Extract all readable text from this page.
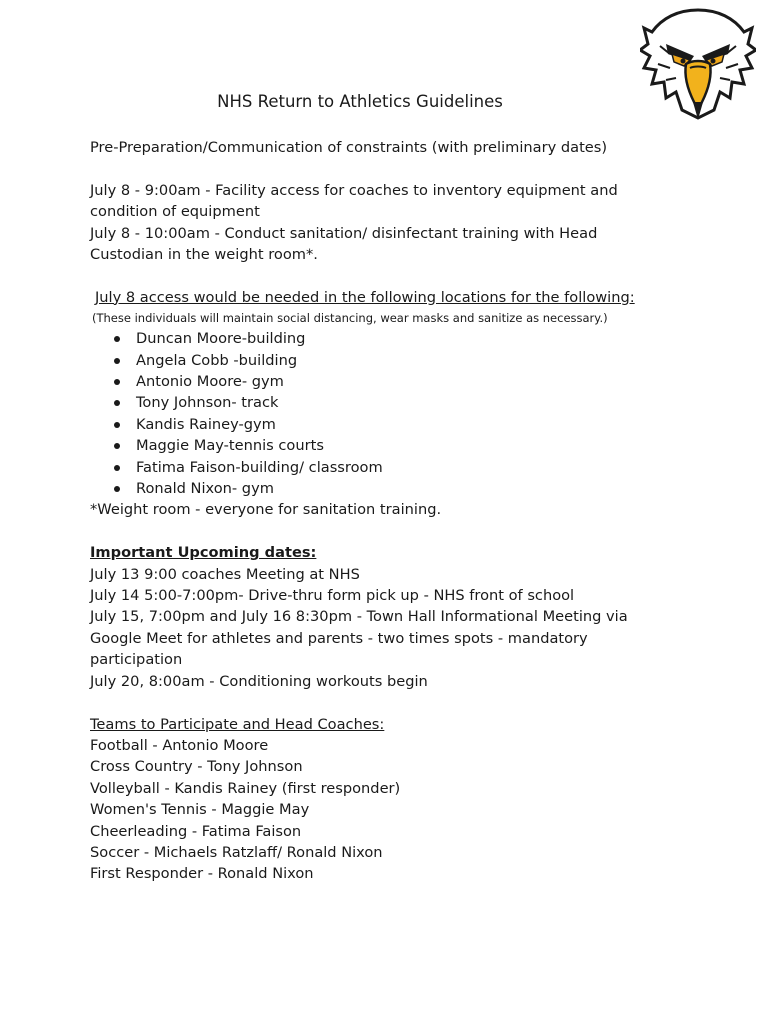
NHS Return to Athletics Guidelines

Pre-Preparation/Communication of constraints (with preliminary dates)

July 8 - 9:00am - Facility access for coaches to inventory equipment and

condition of equipment

July 8 - 10:00am - Conduct sanitation/ disinfectant training with Head

Custodian in the weight room*.

July 8 access would be needed in the following locations for the following:

(These individuals will maintain social distancing, wear masks and sanitize as necessary.)

Duncan Moore-building
Angela Cobb -building
Antonio Moore- gym
Tony Johnson- track
Kandis Rainey-gym
Maggie May-tennis courts
Fatima Faison-building/ classroom
Ronald Nixon- gym

*Weight room - everyone for sanitation training.

Important Upcoming dates:

July 13 9:00 coaches Meeting at NHS

July 14 5:00-7:00pm- Drive-thru form pick up - NHS front of school

July 15, 7:00pm and July 16 8:30pm - Town Hall Informational Meeting via

Google Meet for athletes and parents - two times spots - mandatory

participation

July 20, 8:00am - Conditioning workouts begin

Teams to Participate and Head Coaches:

Football - Antonio Moore

Cross Country - Tony Johnson

Volleyball - Kandis Rainey (first responder)

Women's Tennis - Maggie May

Cheerleading - Fatima Faison

Soccer - Michaels Ratzlaff/ Ronald Nixon

First Responder - Ronald Nixon
